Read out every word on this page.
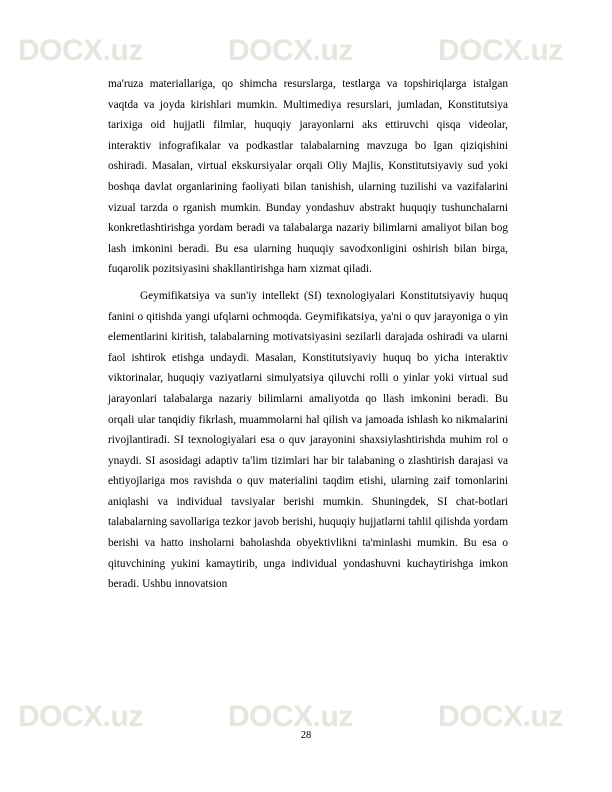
DOCX.uz	DOCX.uz	DOCX.uz

ma'ruza materiallariga, qo shimcha resurslarga, testlarga va topshiriqlarga istalgan vaqtda va joyda kirishlari mumkin. Multimediya resurslari, jumladan, Konstitutsiya tarixiga oid hujjatli filmlar, huquqiy jarayonlarni aks ettiruvchi qisqa videolar, interaktiv infografikalar va podkastlar talabalarning mavzuga bo lgan qiziqishini oshiradi. Masalan, virtual ekskursiyalar orqali Oliy Majlis, Konstitutsiyaviy sud yoki boshqa davlat organlarining faoliyati bilan tanishish, ularning tuzilishi va vazifalarini vizual tarzda o rganish mumkin. Bunday yondashuv abstrakt huquqiy tushunchalarni konkretlashtirishga yordam beradi va talabalarga nazariy bilimlarni amaliyot bilan bog lash imkonini beradi. Bu esa ularning huquqiy savodxonligini oshirish bilan birga, fuqarolik pozitsiyasini shakllantirishga ham xizmat qiladi.

Geymifikatsiya va sun'iy intellekt (SI) texnologiyalari Konstitutsiyaviy huquq fanini o qitishda yangi ufqlarni ochmoqda. Geymifikatsiya, ya'ni o quv jarayoniga o yin elementlarini kiritish, talabalarning motivatsiyasini sezilarli darajada oshiradi va ularni faol ishtirok etishga undaydi. Masalan, Konstitutsiyaviy huquq bo yicha interaktiv viktorinalar, huquqiy vaziyatlarni simulyatsiya qiluvchi rolli o yinlar yoki virtual sud jarayonlari talabalarga nazariy bilimlarni amaliyotda qo llash imkonini beradi. Bu orqali ular tanqidiy fikrlash, muammolarni hal qilish va jamoada ishlash ko nikmalarini rivojlantiradi. SI texnologiyalari esa o quv jarayonini shaxsiylashtirishda muhim rol o ynaydi. SI asosidagi adaptiv ta'lim tizimlari har bir talabaning o zlashtirish darajasi va ehtiyojlariga mos ravishda o quv materialini taqdim etishi, ularning zaif tomonlarini aniqlashi va individual tavsiyalar berishi mumkin. Shuningdek, SI chat-botlari talabalarning savollariga tezkor javob berishi, huquqiy hujjatlarni tahlil qilishda yordam berishi va hatto insholarni baholashda obyektivlikni ta'minlashi mumkin. Bu esa o qituvchining yukini kamaytirib, unga individual yondashuvni kuchaytirishga imkon beradi. Ushbu innovatsion

DOCX.uz	DOCX.uz	DOCX.uz
28
